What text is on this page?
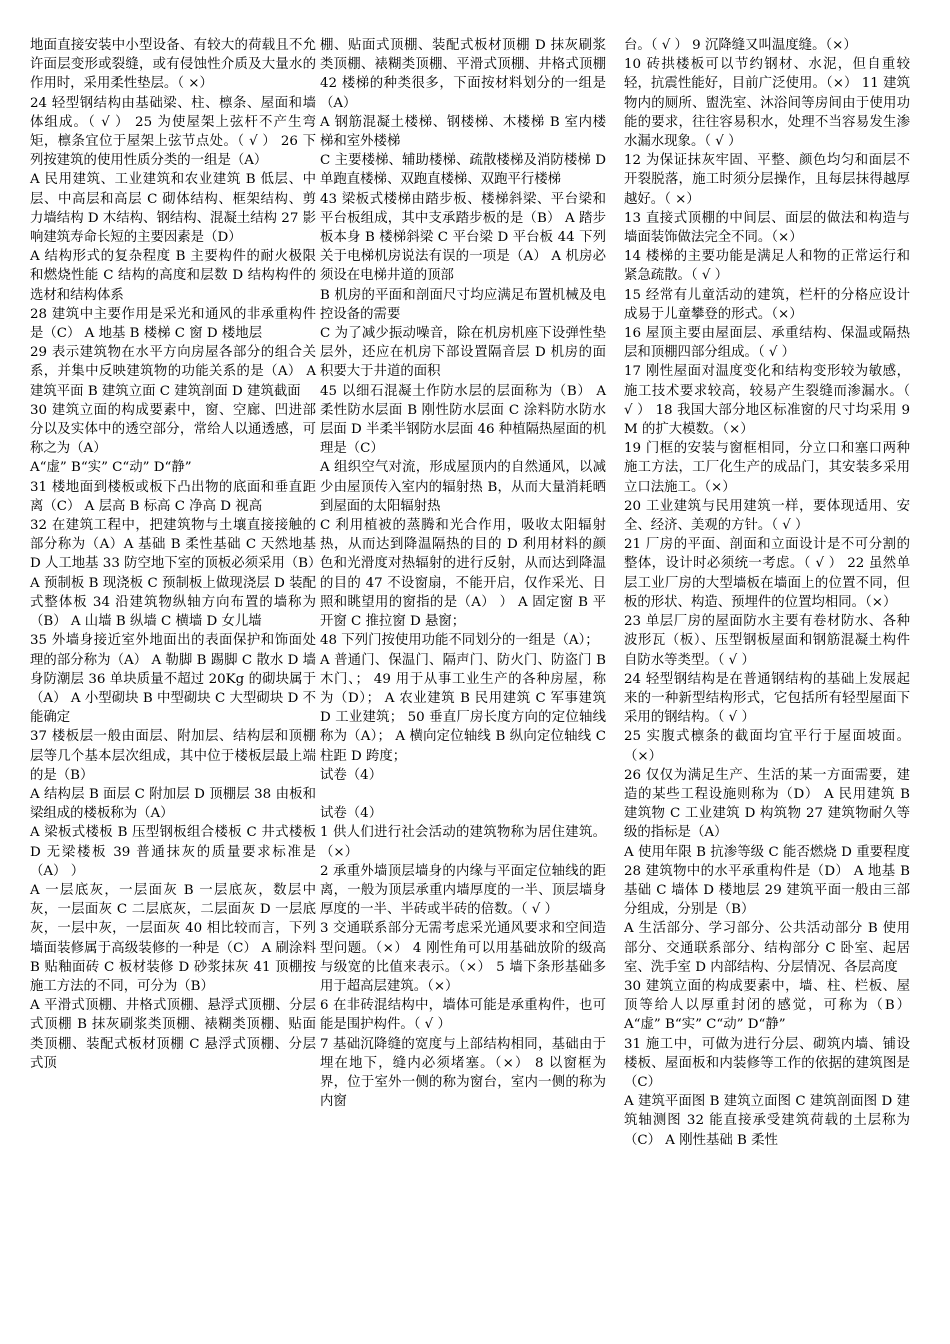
地面直接安装中小型设备、有较大的荷载且不允许面层变形或裂缝，或有侵蚀性介质及大量水的作用时，采用柔性垫层。（ ×）

24 轻型钢结构由基础梁、柱、檩条、屋面和墙体组成。（ √ ） 25 为使屋架上弦杆不产生弯矩，檩条宜位于屋架上弦节点处。（ √ ） 26 下列按建筑的使用性质分类的一组是（A）

A 民用建筑、工业建筑和农业建筑 B 低层、中层、中高层和高层 C 砌体结构、框架结构、剪力墙结构 D 木结构、钢结构、混凝土结构 27 影响建筑寿命长短的主要因素是（D）

A 结构形式的复杂程度 B 主要构件的耐火极限和燃烧性能 C 结构的高度和层数 D 结构构件的选材和结构体系

28 建筑中主要作用是采光和通风的非承重构件是（C） A 地基 B 楼梯 C 窗 D 楼地层

29 表示建筑物在水平方向房屋各部分的组合关系，并集中反映建筑物的功能关系的是（A） A 建筑平面 B 建筑立面 C 建筑剖面 D 建筑截面

30 建筑立面的构成要素中，窗、空廊、凹进部分以及实体中的透空部分，常给人以通透感，可称之为（A）

A“虚” B“实” C“动” D“静”

31 楼地面到楼板或板下凸出物的底面和垂直距离（C） A 层高 B 标高 C 净高 D 视高

32 在建筑工程中，把建筑物与土壤直接接触的部分称为（A）A 基础 B 柔性基础 C 天然地基 D 人工地基 33 防空地下室的顶板必须采用（B）

A 预制板 B 现浇板 C 预制板上做现浇层 D 装配式整体板 34 沿建筑物纵轴方向布置的墙称为（B） A 山墙 B 纵墙 C 横墙 D 女儿墙

35 外墙身接近室外地面出的表面保护和饰面处理的部分称为（A） A 勒脚 B 踢脚 C 散水 D 墙身防潮层 36 单块质量不超过 20Kg 的砌块属于（A） A 小型砌块 B 中型砌块 C 大型砌块 D 不能确定

37 楼板层一般由面层、附加层、结构层和顶棚层等几个基本层次组成，其中位于楼板层最上端的是（B）

A 结构层 B 面层 C 附加层 D 顶棚层 38 由板和梁组成的楼板称为（A）

A 梁板式楼板 B 压型钢板组合楼板 C 井式楼板 D 无梁楼板 39 普通抹灰的质量要求标准是（A） ）

A 一层底灰，一层面灰 B 一层底灰，数层中灰，一层面灰 C 二层底灰，二层面灰 D 一层底灰，一层中灰，一层面灰 40 相比较而言，下列墙面装修属于高级装修的一种是（C） A 刷涂料 B 贴釉面砖 C 板材装修 D 砂浆抹灰 41 顶棚按施工方法的不同，可分为（B）

A 平滑式顶棚、井格式顶棚、悬浮式顶棚、分层式顶棚 B 抹灰刷浆类顶棚、裱糊类顶棚、贴面类顶棚、装配式板材顶棚 C 悬浮式顶棚、分层式顶

棚、贴面式顶棚、装配式板材顶棚 D 抹灰刷浆类顶棚、裱糊类顶棚、平滑式顶棚、井格式顶棚 42 楼梯的种类很多，下面按材料划分的一组是（A）

A 钢筋混凝土楼梯、钢楼梯、木楼梯 B 室内楼梯和室外楼梯

C 主要楼梯、辅助楼梯、疏散楼梯及消防楼梯 D 单跑直楼梯、双跑直楼梯、双跑平行楼梯

43 梁板式楼梯由踏步板、楼梯斜梁、平台梁和平台板组成，其中支承踏步板的是（B） A 踏步板本身 B 楼梯斜梁 C 平台梁 D 平台板 44 下列关于电梯机房说法有误的一项是（A） A 机房必须设在电梯井道的顶部

B 机房的平面和剖面尺寸均应满足布置机械及电控设备的需要

C 为了减少振动噪音，除在机房机座下设弹性垫层外，还应在机房下部设置隔音层 D 机房的面积要大于井道的面积

45 以细石混凝土作防水层的层面称为（B） A 柔性防水层面 B 刚性防水层面 C 涂料防水防水层面 D 半柔半钢防水层面 46 种植隔热屋面的机理是（C）

A 组织空气对流，形成屋顶内的自然通风，以减少由屋顶传入室内的辐射热 B，从而大量消耗晒到屋面的太阳辐射热

C 利用植被的蒸腾和光合作用，吸收太阳辐射热，从而达到降温隔热的目的 D 利用材料的颜色和光滑度对热辐射的进行反射，从而达到降温的目的 47 不设窗扇，不能开启，仅作采光、日照和眺望用的窗指的是（A） ） A 固定窗 B 平开窗 C 推拉窗 D 悬窗；

48 下列门按使用功能不同划分的一组是（A）；

A 普通门、保温门、隔声门、防火门、防盗门 B 木门、； 49 用于从事工业生产的各种房屋，称为（D）； A 农业建筑 B 民用建筑 C 军事建筑 D 工业建筑； 50 垂直厂房长度方向的定位轴线称为（A）； A 横向定位轴线 B 纵向定位轴线 C 柱距 D 跨度；

试卷（4）

试卷（4）

1 供人们进行社会活动的建筑物称为居住建筑。（×）

2 承重外墙顶层墙身的内缘与平面定位轴线的距离，一般为顶层承重内墙厚度的一半、顶层墙身厚度的一半、半砖或半砖的倍数。（ √ ）

3 交通联系部分无需考虑采光通风要求和空间造型问题。（×） 4 刚性角可以用基础放阶的级高与级宽的比值来表示。（×） 5 墙下条形基础多用于超高层建筑。（×）

6 在非砖混结构中，墙体可能是承重构件，也可能是围护构件。（ √ ）

7 基础沉降缝的宽度与上部结构相同，基础由于埋在地下，缝内必须堵塞。（×） 8 以窗框为界，位于室外一侧的称为窗台，室内一侧的称为内窗

台。（ √ ） 9 沉降缝又叫温度缝。（×）

10 砖拱楼板可以节约钢材、水泥，但自重较轻，抗震性能好，目前广泛使用。（×） 11 建筑物内的厕所、盥洗室、沐浴间等房间由于使用功能的要求，往往容易积水，处理不当容易发生渗水漏水现象。（ √ ）

12 为保证抹灰牢固、平整、颜色均匀和面层不开裂脱落，施工时须分层操作，且每层抹得越厚越好。（ ×）

13 直接式顶棚的中间层、面层的做法和构造与墙面装饰做法完全不同。（×）

14 楼梯的主要功能是满足人和物的正常运行和紧急疏散。（ √ ）

15 经常有儿童活动的建筑，栏杆的分格应设计成易于儿童攀登的形式。（×）

16 屋顶主要由屋面层、承重结构、保温或隔热层和顶棚四部分组成。（ √ ）

17 刚性屋面对温度变化和结构变形较为敏感，施工技术要求较高，较易产生裂缝而渗漏水。（ √ ） 18 我国大部分地区标准窗的尺寸均采用 9M 的扩大模数。（×）

19 门框的安装与窗框相同，分立口和塞口两种施工方法，工厂化生产的成品门，其安装多采用立口法施工。（×）

20 工业建筑与民用建筑一样，要体现适用、安全、经济、美观的方针。（ √ ）

21 厂房的平面、剖面和立面设计是不可分割的整体，设计时必须统一考虑。（ √ ） 22 虽然单层工业厂房的大型墙板在墙面上的位置不同，但板的形状、构造、预埋件的位置均相同。（×）

23 单层厂房的屋面防水主要有卷材防水、各种波形瓦（板）、压型钢板屋面和钢筋混凝土构件自防水等类型。（ √ ）

24 轻型钢结构是在普通钢结构的基础上发展起来的一种新型结构形式，它包括所有轻型屋面下采用的钢结构。（ √ ）

25 实腹式檩条的截面均宜平行于屋面坡面。（×）

26 仅仅为满足生产、生活的某一方面需要，建造的某些工程设施则称为（D） A 民用建筑 B 建筑物 C 工业建筑 D 构筑物 27 建筑物耐久等级的指标是（A）

A 使用年限 B 抗渗等级 C 能否燃烧 D 重要程度 28 建筑物中的水平承重构件是（D） A 地基 B 基础 C 墙体 D 楼地层 29 建筑平面一般由三部分组成，分别是（B）

A 生活部分、学习部分、公共活动部分 B 使用部分、交通联系部分、结构部分 C 卧室、起居室、洗手室 D 内部结构、分层情况、各层高度

30 建筑立面的构成要素中，墙、柱、栏板、屋顶等给人以厚重封闭的感觉，可称为（B） A“虚” B“实” C“动” D“静”

31 施工中，可做为进行分层、砌筑内墙、铺设楼板、屋面板和内装修等工作的依据的建筑图是（C）

A 建筑平面图 B 建筑立面图 C 建筑剖面图 D 建筑轴测图 32 能直接承受建筑荷载的土层称为（C） A 刚性基础 B 柔性
